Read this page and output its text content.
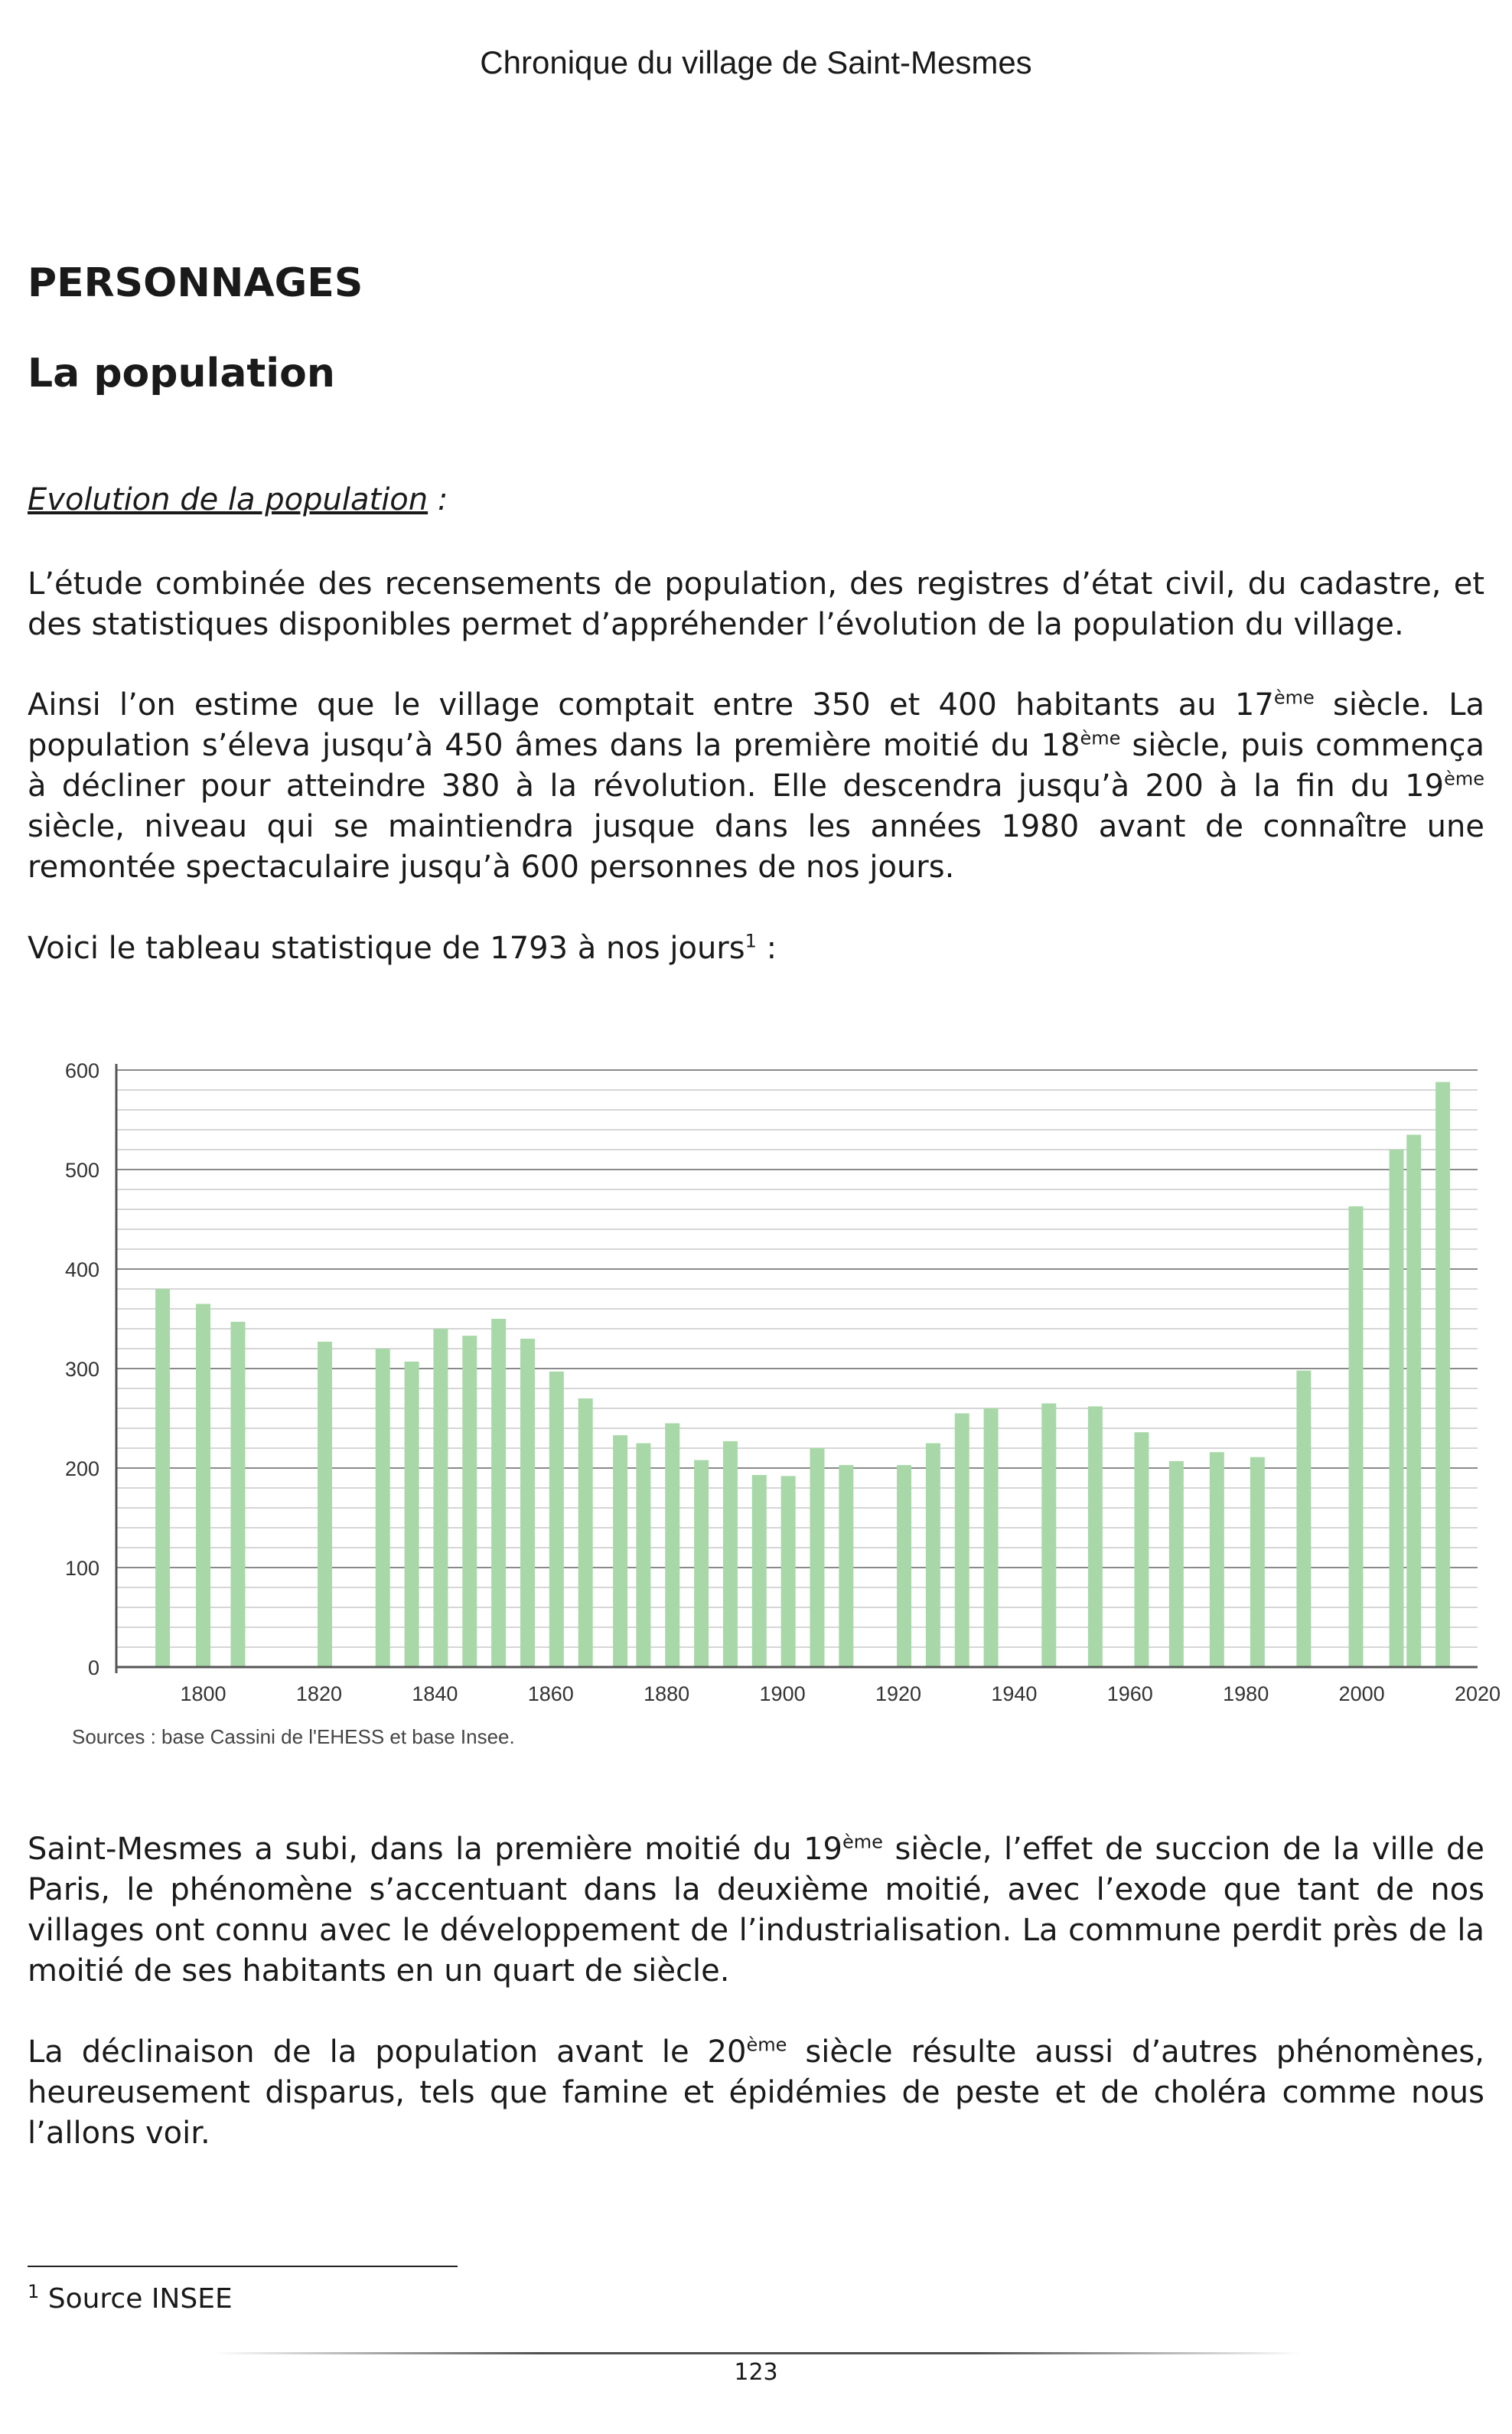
Chronique du village de Saint-Mesmes
PERSONNAGES
La population
Evolution de la population :

L’étude combinée des recensements de population, des registres d’état civil, du cadastre, et des statistiques disponibles permet d’appréhender l’évolution de la population du village.

Ainsi l’on estime que le village comptait entre 350 et 400 habitants au 17ème siècle. La population s’éleva jusqu’à 450 âmes dans la première moitié du 18ème siècle, puis commença à décliner pour atteindre 380 à la révolution. Elle descendra jusqu’à 200 à la fin du 19ème siècle, niveau qui se maintiendra jusque dans les années 1980 avant de connaître une remontée spectaculaire jusqu’à 600 personnes de nos jours.

Voici le tableau statistique de 1793 à nos jours$^1$ :

0
100
200
300
400
500
600
1800	1820	1840	1860	1880	1900	1920	1940	1960	1980	2000	2020
Sources : base Cassini de l'EHESS et base Insee.

Saint-Mesmes a subi, dans la première moitié du 19ème siècle, l’effet de succion de la ville de Paris, le phénomène s’accentuant dans la deuxième moitié, avec l’exode que tant de nos villages ont connu avec le développement de l’industrialisation. La commune perdit près de la moitié de ses habitants en un quart de siècle.

La déclinaison de la population avant le 20ème siècle résulte aussi d’autres phénomènes, heureusement disparus, tels que famine et épidémies de peste et de choléra comme nous l’allons voir.

$^1$ Source INSEE
123
